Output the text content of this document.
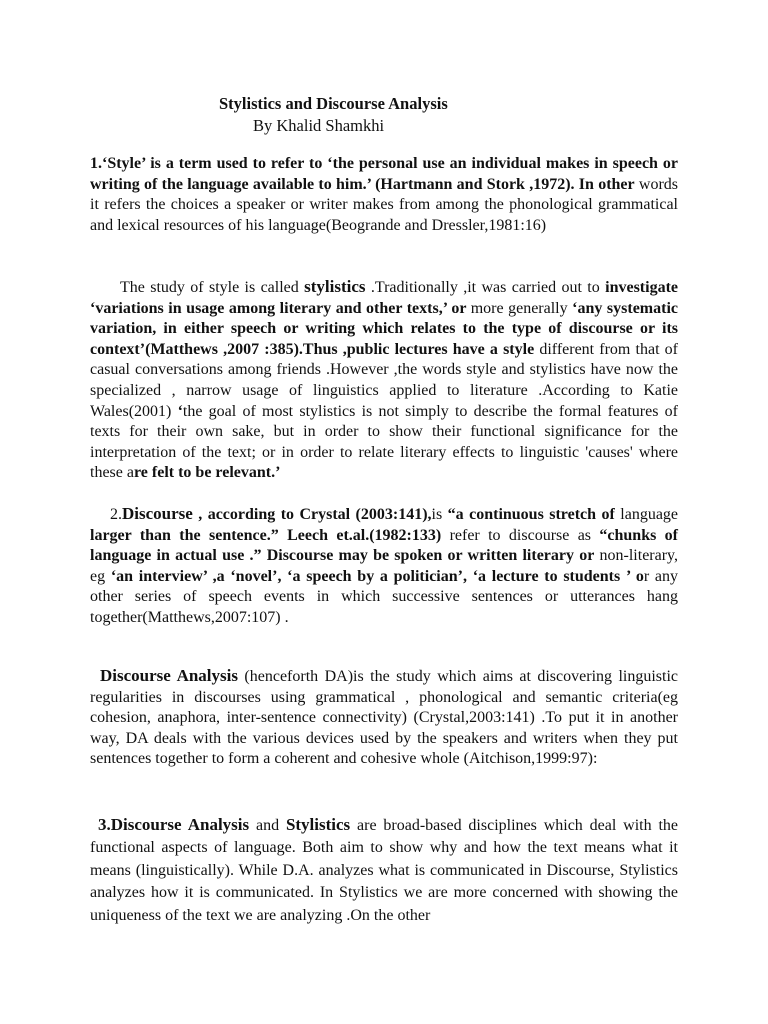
Stylistics and Discourse Analysis
By Khalid Shamkhi
1.‘Style’ is a term used to refer to ‘the personal use an individual makes in speech or writing of the language available to him.’ (Hartmann and Stork ,1972). In other words it refers the choices a speaker or writer makes from among the phonological grammatical and lexical resources of his language(Beogrande and Dressler,1981:16)
The study of style is called stylistics .Traditionally ,it was carried out to investigate ‘variations in usage among literary and other texts,’ or more generally ‘any systematic variation, in either speech or writing which relates to the type of discourse or its context’(Matthews ,2007 :385).Thus ,public lectures have a style different from that of casual conversations among friends .However ,the words style and stylistics have now the specialized , narrow usage of linguistics applied to literature .According to Katie Wales(2001) ‘the goal of most stylistics is not simply to describe the formal features of texts for their own sake, but in order to show their functional significance for the interpretation of the text; or in order to relate literary effects to linguistic 'causes' where these are felt to be relevant.’
2.Discourse , according to Crystal (2003:141),is “a continuous stretch of language larger than the sentence.” Leech et.al.(1982:133) refer to discourse as “chunks of language in actual use .” Discourse may be spoken or written literary or non-literary, eg ‘an interview’ ,a ‘novel’, ‘a speech by a politician’, ‘a lecture to students ’ or any other series of speech events in which successive sentences or utterances hang together(Matthews,2007:107) .
Discourse Analysis (henceforth DA)is the study which aims at discovering linguistic regularities in discourses using grammatical , phonological and semantic criteria(eg cohesion, anaphora, inter-sentence connectivity) (Crystal,2003:141) .To put it in another way, DA deals with the various devices used by the speakers and writers when they put sentences together to form a coherent and cohesive whole (Aitchison,1999:97):
3.Discourse Analysis and Stylistics are broad-based disciplines which deal with the functional aspects of language. Both aim to show why and how the text means what it means (linguistically). While D.A. analyzes what is communicated in Discourse, Stylistics analyzes how it is communicated. In Stylistics we are more concerned with showing the uniqueness of the text we are analyzing .On the other
